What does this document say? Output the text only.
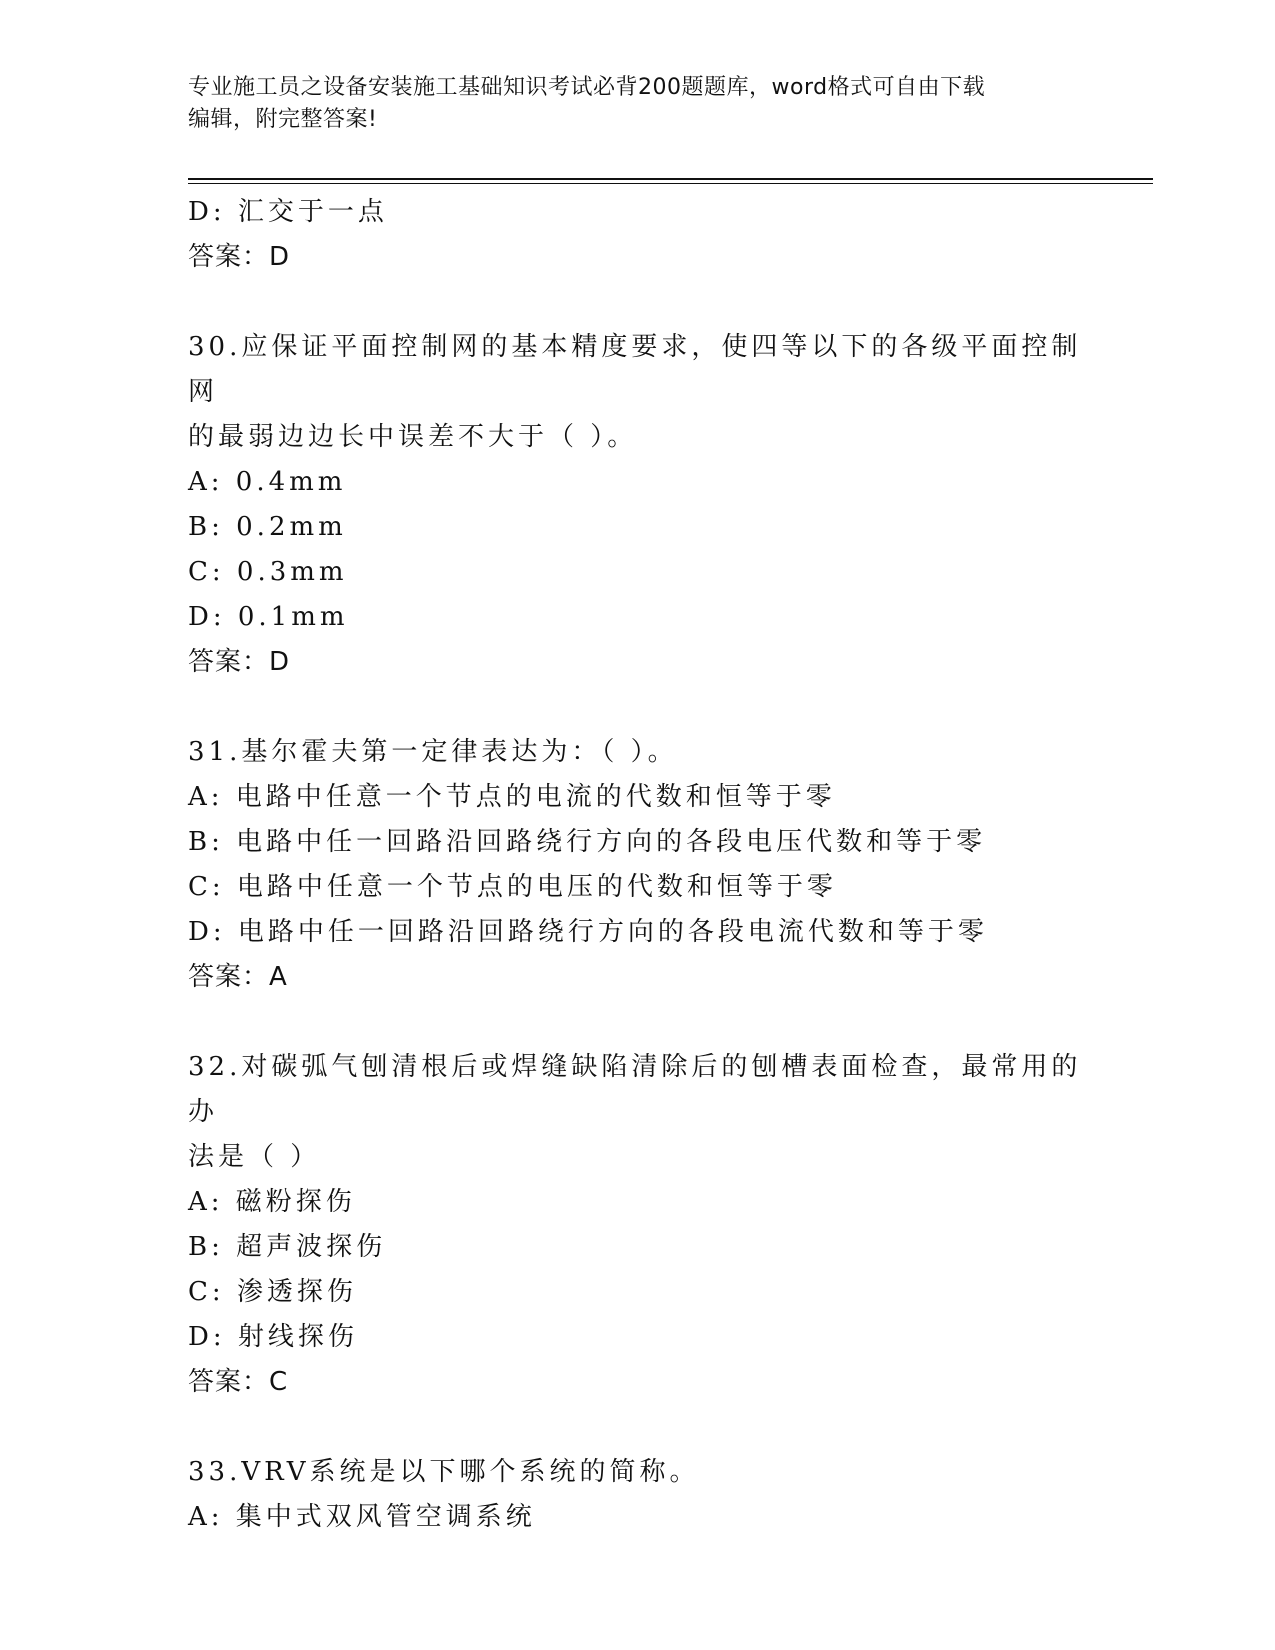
专业施工员之设备安装施工基础知识考试必背200题题库，word格式可自由下载
编辑，附完整答案!

D: 汇交于一点

答案：D

30.应保证平面控制网的基本精度要求，使四等以下的各级平面控制网

的最弱边边长中误差不大于（ ）。

A: 0.4mm

B: 0.2mm

C: 0.3mm

D: 0.1mm

答案：D

31.基尔霍夫第一定律表达为：（ ）。

A: 电路中任意一个节点的电流的代数和恒等于零

B: 电路中任一回路沿回路绕行方向的各段电压代数和等于零

C: 电路中任意一个节点的电压的代数和恒等于零

D: 电路中任一回路沿回路绕行方向的各段电流代数和等于零

答案：A

32.对碳弧气刨清根后或焊缝缺陷清除后的刨槽表面检查，最常用的办

法是（ ）

A: 磁粉探伤

B: 超声波探伤

C: 渗透探伤

D: 射线探伤

答案：C

33.VRV系统是以下哪个系统的简称。

A: 集中式双风管空调系统
